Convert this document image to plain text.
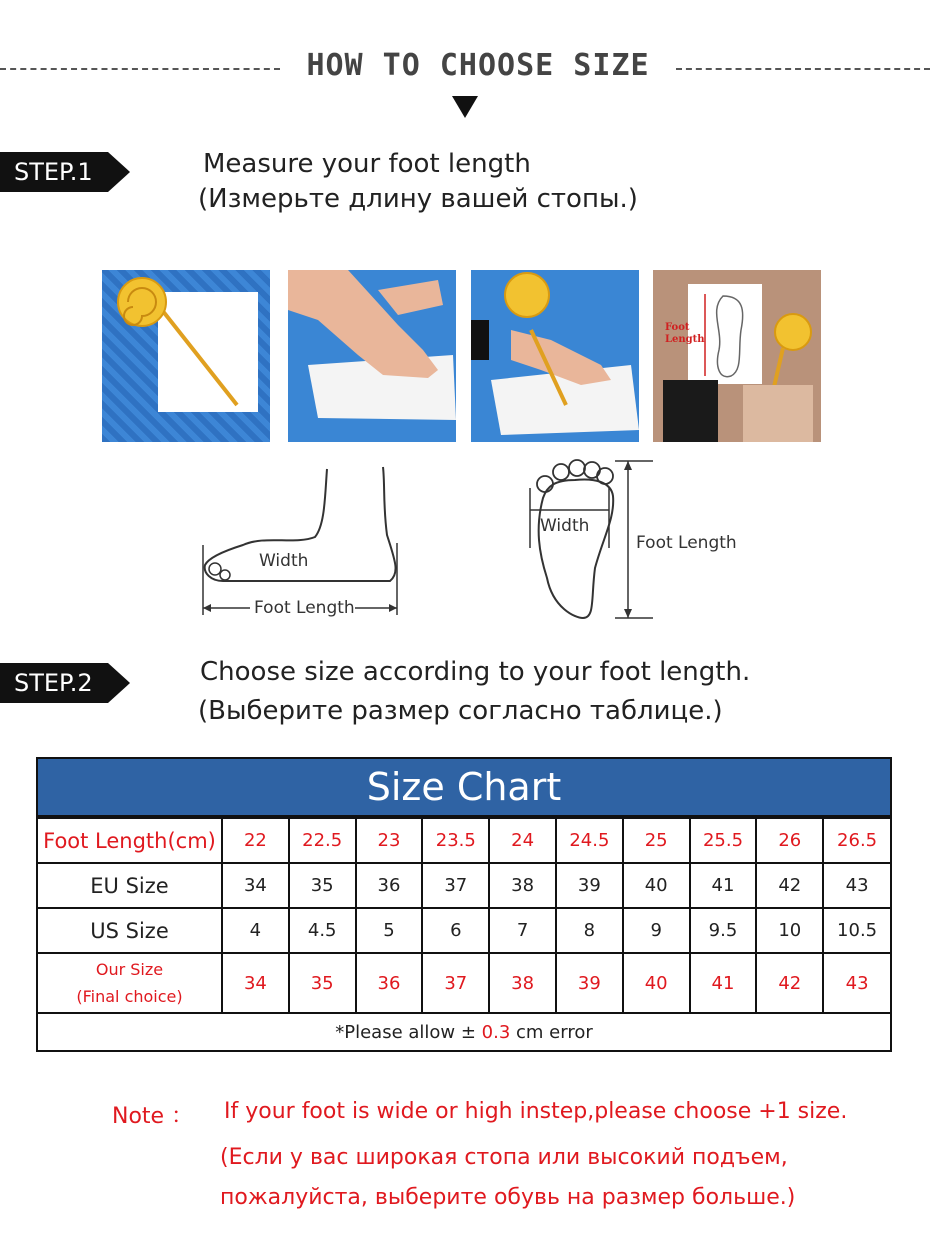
HOW TO CHOOSE SIZE
STEP.1	Measure your foot length
(Измерьте длину вашей стопы.)
Foot
Length
Width
Foot Length
Width
Foot Length
STEP.2	Choose size according to your foot length.
(Выберите размер согласно таблице.)
Size Chart
Foot Length(cm)	22	22.5	23	23.5	24	24.5	25	25.5	26	26.5
EU Size	34	35	36	37	38	39	40	41	42	43
US Size	4	4.5	5	6	7	8	9	9.5	10	10.5

Our Size
(Final choice)	34	35	36	37	38	39	40	41	42	43
*Please allow ± 0.3 cm error										
Note ： If your foot is wide or high instep,please choose +1 size.
(Если у вас широкая стопа или высокий подъем,
пожалуйста, выберите обувь на размер больше.)
